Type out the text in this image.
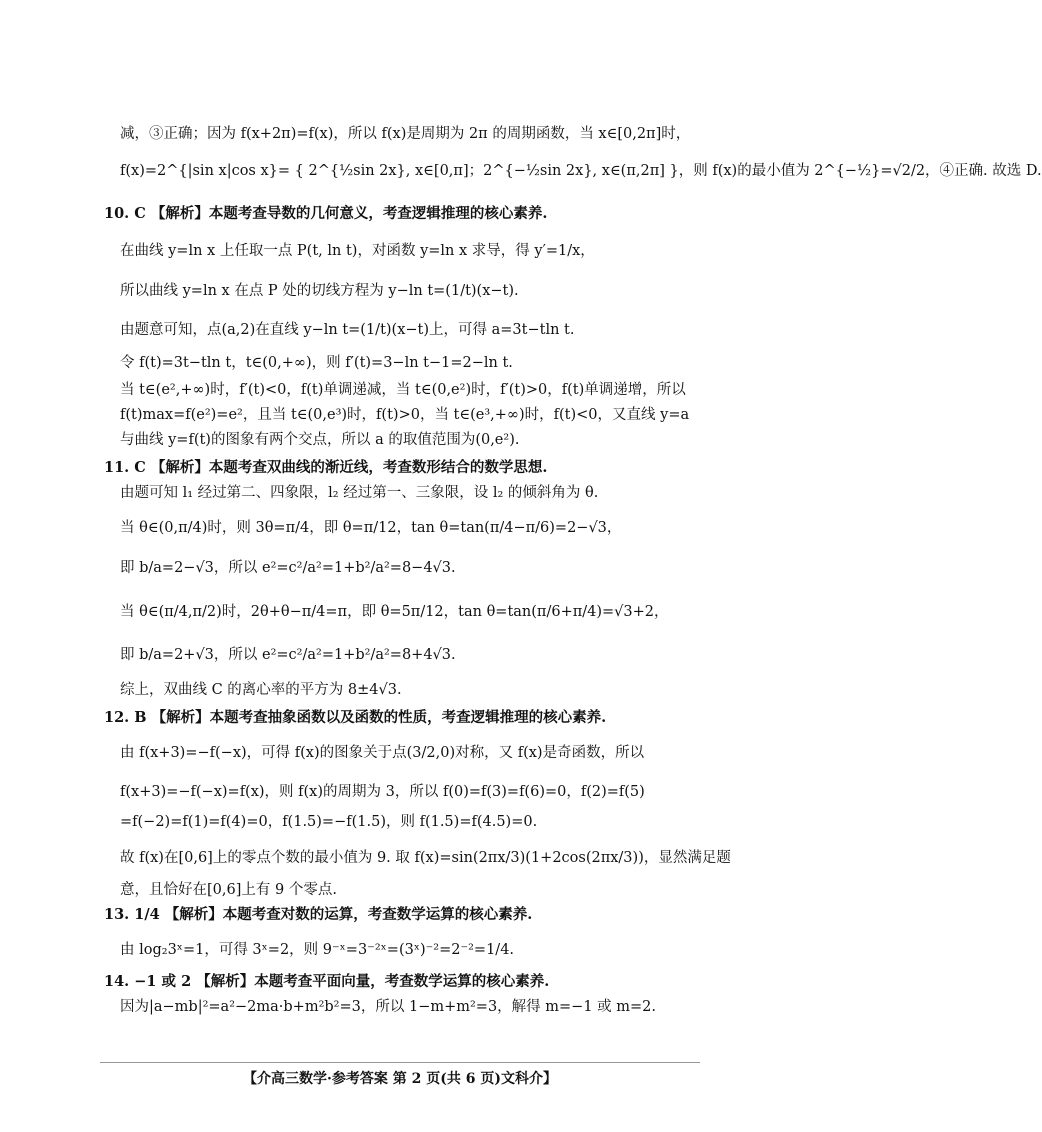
减，③正确；因为 f(x+2π)=f(x)，所以 f(x)是周期为 2π 的周期函数，当 x∈[0,2π]时，
f(x)=2^{|sin x|cos x}= { 2^{½sin 2x}, x∈[0,π]；2^{−½sin 2x}, x∈(π,2π] }，则 f(x)的最小值为 2^{−½}=√2/2，④正确. 故选 D.
10. C 【解析】本题考查导数的几何意义，考查逻辑推理的核心素养.
在曲线 y=ln x 上任取一点 P(t, ln t)，对函数 y=ln x 求导，得 y′=1/x，
所以曲线 y=ln x 在点 P 处的切线方程为 y−ln t=(1/t)(x−t).
由题意可知，点(a,2)在直线 y−ln t=(1/t)(x−t)上，可得 a=3t−tln t.
令 f(t)=3t−tln t，t∈(0,+∞)，则 f′(t)=3−ln t−1=2−ln t.
当 t∈(e²,+∞)时，f′(t)<0，f(t)单调递减，当 t∈(0,e²)时，f′(t)>0，f(t)单调递增，所以
f(t)max=f(e²)=e²，且当 t∈(0,e³)时，f(t)>0，当 t∈(e³,+∞)时，f(t)<0，又直线 y=a
与曲线 y=f(t)的图象有两个交点，所以 a 的取值范围为(0,e²).
11. C 【解析】本题考查双曲线的渐近线，考查数形结合的数学思想.
由题可知 l₁ 经过第二、四象限，l₂ 经过第一、三象限，设 l₂ 的倾斜角为 θ.
当 θ∈(0,π/4)时，则 3θ=π/4，即 θ=π/12，tan θ=tan(π/4−π/6)=2−√3，
即 b/a=2−√3，所以 e²=c²/a²=1+b²/a²=8−4√3.
当 θ∈(π/4,π/2)时，2θ+θ−π/4=π，即 θ=5π/12，tan θ=tan(π/6+π/4)=√3+2，
即 b/a=2+√3，所以 e²=c²/a²=1+b²/a²=8+4√3.
综上，双曲线 C 的离心率的平方为 8±4√3.
12. B 【解析】本题考查抽象函数以及函数的性质，考查逻辑推理的核心素养.
由 f(x+3)=−f(−x)，可得 f(x)的图象关于点(3/2,0)对称，又 f(x)是奇函数，所以
f(x+3)=−f(−x)=f(x)，则 f(x)的周期为 3，所以 f(0)=f(3)=f(6)=0，f(2)=f(5)
=f(−2)=f(1)=f(4)=0，f(1.5)=−f(1.5)，则 f(1.5)=f(4.5)=0.
故 f(x)在[0,6]上的零点个数的最小值为 9. 取 f(x)=sin(2πx/3)(1+2cos(2πx/3))，显然满足题
意，且恰好在[0,6]上有 9 个零点.
13. 1/4 【解析】本题考查对数的运算，考查数学运算的核心素养.
由 log₂3ˣ=1，可得 3ˣ=2，则 9⁻ˣ=3⁻²ˣ=(3ˣ)⁻²=2⁻²=1/4.
14. −1 或 2 【解析】本题考查平面向量，考查数学运算的核心素养.
因为|a−mb|²=a²−2ma·b+m²b²=3，所以 1−m+m²=3，解得 m=−1 或 m=2.
【介高三数学·参考答案 第 2 页(共 6 页)文科介】
